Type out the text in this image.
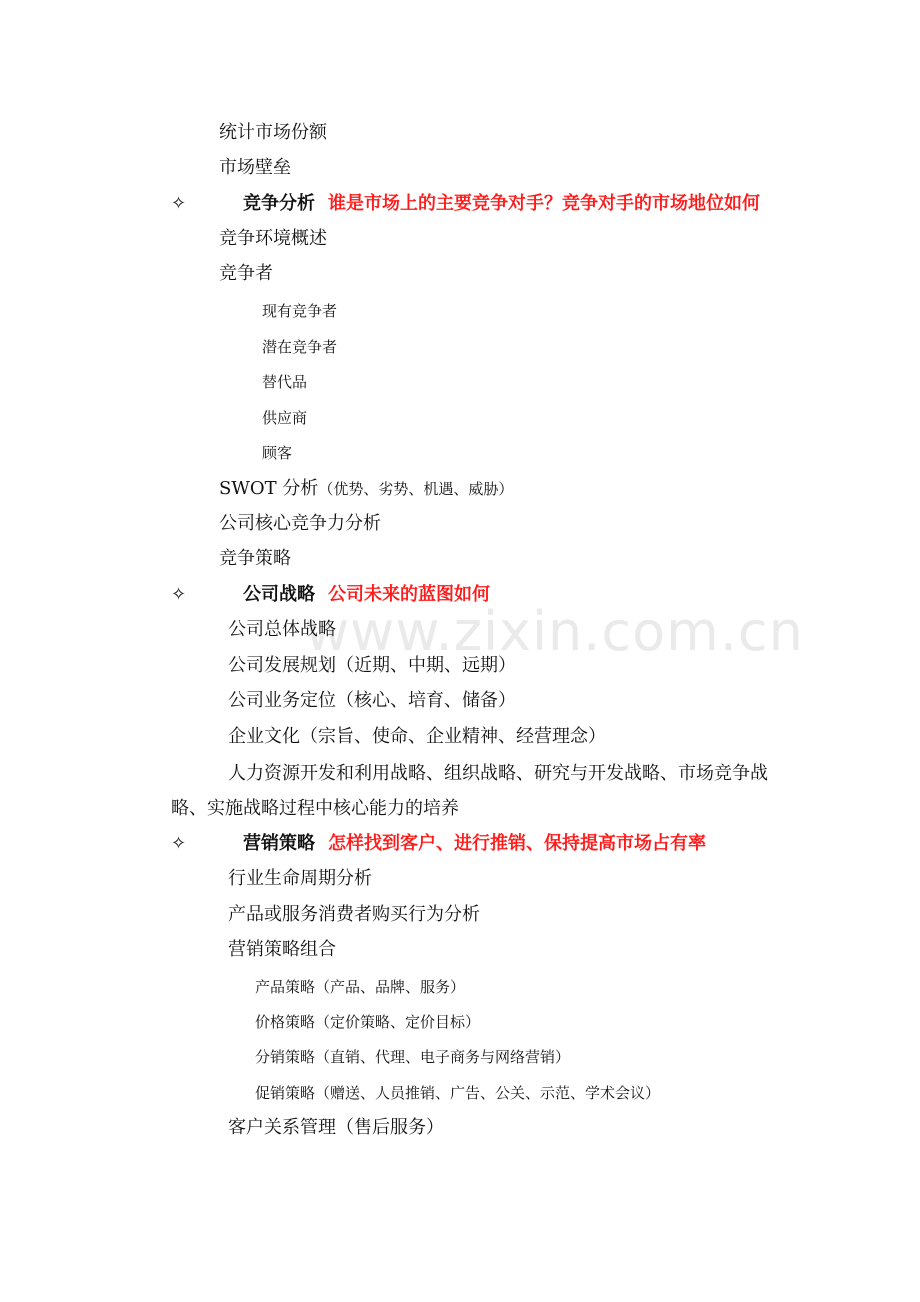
www.zixin.com.cn
统计市场份额
市场壁垒
✧	竞争分析 谁是市场上的主要竞争对手？竞争对手的市场地位如何
竞争环境概述
竞争者
现有竞争者
潜在竞争者
替代品
供应商
顾客
SWOT 分析（优势、劣势、机遇、威胁）
公司核心竞争力分析
竞争策略
✧	公司战略 公司未来的蓝图如何
公司总体战略
公司发展规划（近期、中期、远期）
公司业务定位（核心、培育、储备）
企业文化（宗旨、使命、企业精神、经营理念）
人力资源开发和利用战略、组织战略、研究与开发战略、市场竞争战略、实施战略过程中核心能力的培养
✧	营销策略 怎样找到客户、进行推销、保持提高市场占有率
行业生命周期分析
产品或服务消费者购买行为分析
营销策略组合
产品策略（产品、品牌、服务）
价格策略（定价策略、定价目标）
分销策略（直销、代理、电子商务与网络营销）
促销策略（赠送、人员推销、广告、公关、示范、学术会议）
客户关系管理（售后服务）
